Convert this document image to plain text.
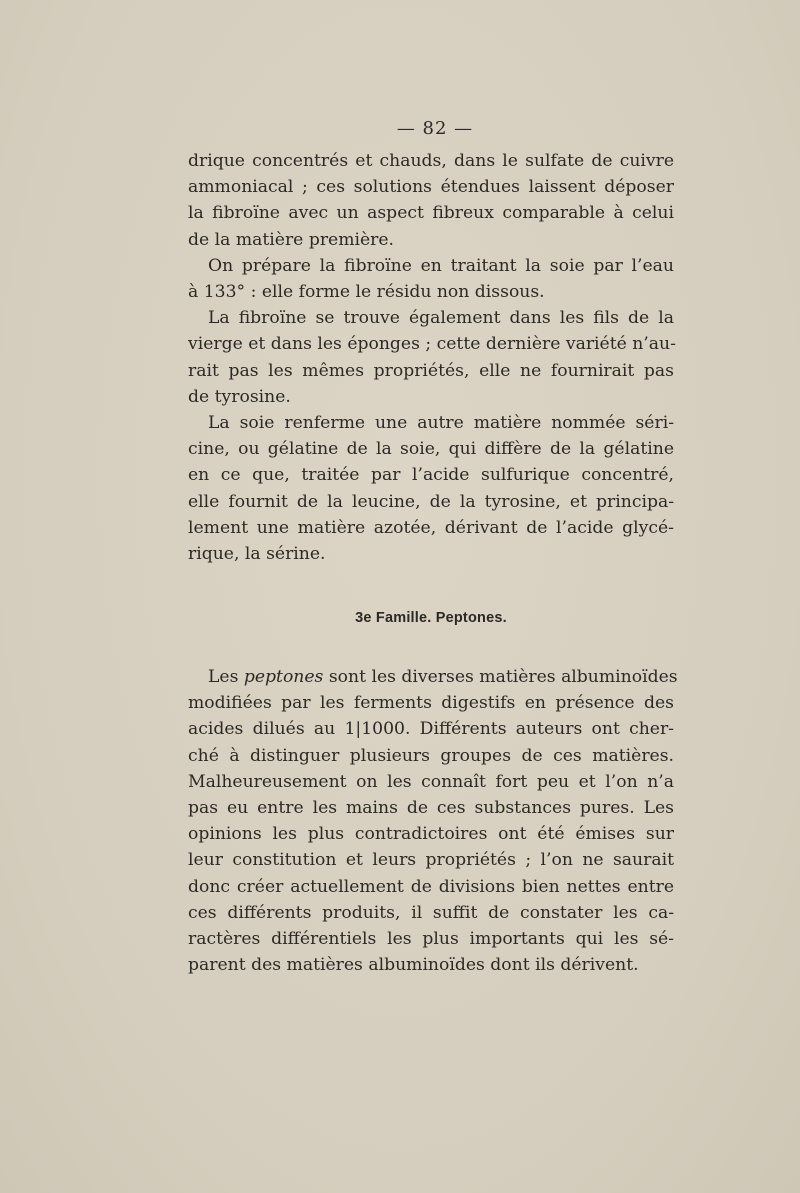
— 82 —

drique concentrés et chauds, dans le sulfate de cuivre
ammoniacal ; ces solutions étendues laissent déposer
la fibroïne avec un aspect fibreux comparable à celui
de la matière première.

On prépare la fibroïne en traitant la soie par l’eau
à 133° : elle forme le résidu non dissous.

La fibroïne se trouve également dans les fils de la
vierge et dans les éponges ; cette dernière variété n’au-
rait pas les mêmes propriétés, elle ne fournirait pas
de tyrosine.

La soie renferme une autre matière nommée séri-
cine, ou gélatine de la soie, qui diffère de la gélatine
en ce que, traitée par l’acide sulfurique concentré,
elle fournit de la leucine, de la tyrosine, et principa-
lement une matière azotée, dérivant de l’acide glycé-
rique, la sérine.

3e Famille. Peptones.

Les peptones sont les diverses matières albuminoïdes
modifiées par les ferments digestifs en présence des
acides dilués au 1|1000. Différents auteurs ont cher-
ché à distinguer plusieurs groupes de ces matières.
Malheureusement on les connaît fort peu et l’on n’a
pas eu entre les mains de ces substances pures. Les
opinions les plus contradictoires ont été émises sur
leur constitution et leurs propriétés ; l’on ne saurait
donc créer actuellement de divisions bien nettes entre
ces différents produits, il suffit de constater les ca-
ractères différentiels les plus importants qui les sé-
parent des matières albuminoïdes dont ils dérivent.
